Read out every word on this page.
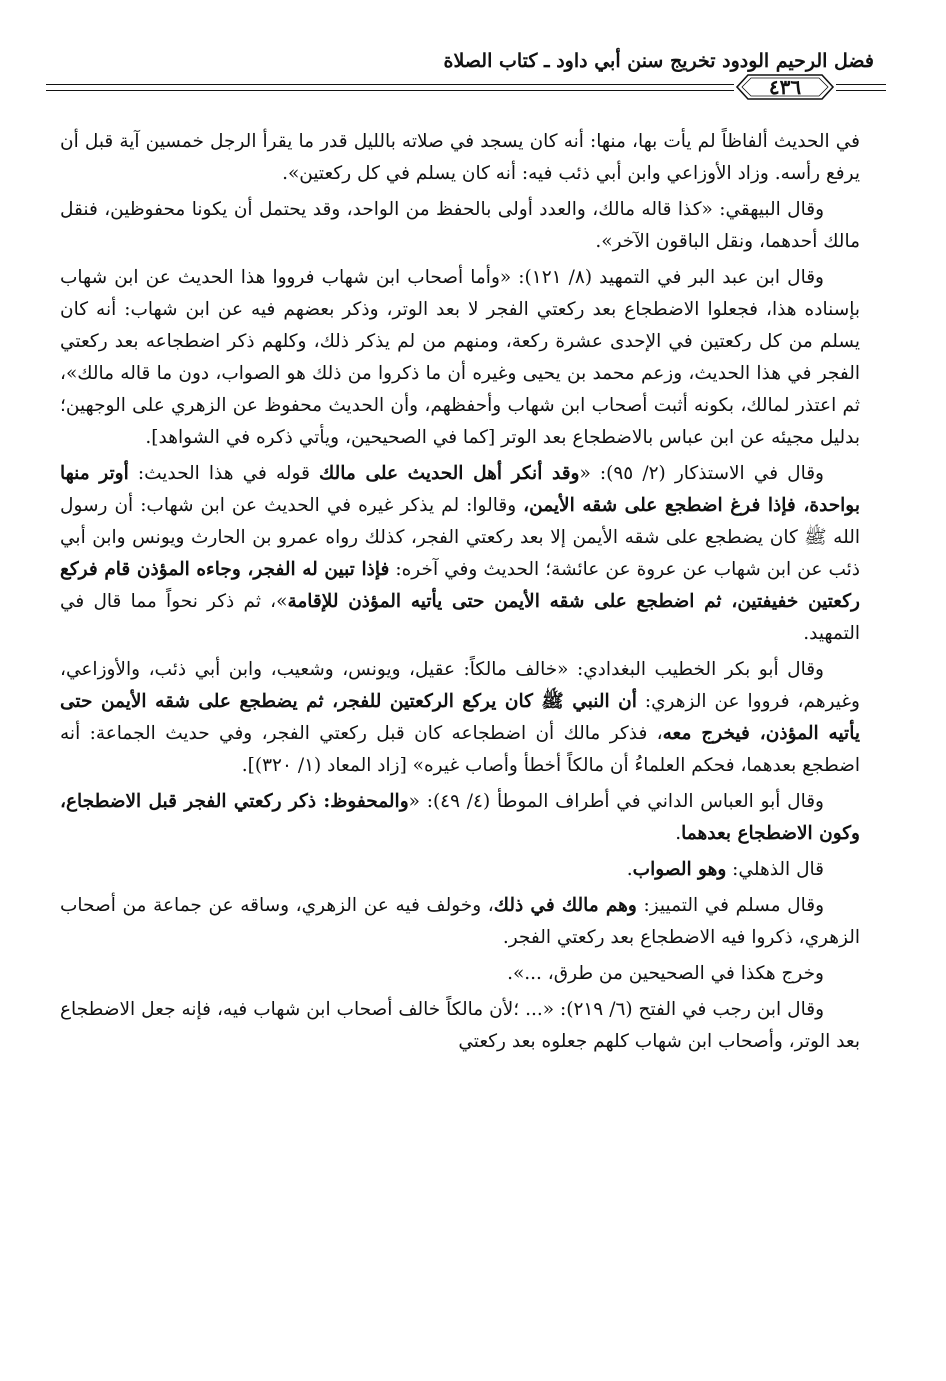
فضل الرحيم الودود تخريج سنن أبي داود ـ كتاب الصلاة
٤٣٦

في الحديث ألفاظاً لم يأت بها، منها: أنه كان يسجد في صلاته بالليل قدر ما يقرأ الرجل خمسين آية قبل أن يرفع رأسه. وزاد الأوزاعي وابن أبي ذئب فيه: أنه كان يسلم في كل ركعتين».

وقال البيهقي: «كذا قاله مالك، والعدد أولى بالحفظ من الواحد، وقد يحتمل أن يكونا محفوظين، فنقل مالك أحدهما، ونقل الباقون الآخر».

وقال ابن عبد البر في التمهيد (٨/ ١٢١): «وأما أصحاب ابن شهاب فرووا هذا الحديث عن ابن شهاب بإسناده هذا، فجعلوا الاضطجاع بعد ركعتي الفجر لا بعد الوتر، وذكر بعضهم فيه عن ابن شهاب: أنه كان يسلم من كل ركعتين في الإحدى عشرة ركعة، ومنهم من لم يذكر ذلك، وكلهم ذكر اضطجاعه بعد ركعتي الفجر في هذا الحديث، وزعم محمد بن يحيى وغيره أن ما ذكروا من ذلك هو الصواب، دون ما قاله مالك»، ثم اعتذر لمالك، بكونه أثبت أصحاب ابن شهاب وأحفظهم، وأن الحديث محفوظ عن الزهري على الوجهين؛ بدليل مجيئه عن ابن عباس بالاضطجاع بعد الوتر [كما في الصحيحين، ويأتي ذكره في الشواهد].

وقال في الاستذكار (٢/ ٩٥): «وقد أنكر أهل الحديث على مالك قوله في هذا الحديث: أوتر منها بواحدة، فإذا فرغ اضطجع على شقه الأيمن، وقالوا: لم يذكر غيره في الحديث عن ابن شهاب: أن رسول الله ﷺ كان يضطجع على شقه الأيمن إلا بعد ركعتي الفجر، كذلك رواه عمرو بن الحارث ويونس وابن أبي ذئب عن ابن شهاب عن عروة عن عائشة؛ الحديث وفي آخره: فإذا تبين له الفجر، وجاءه المؤذن قام فركع ركعتين خفيفتين، ثم اضطجع على شقه الأيمن حتى يأتيه المؤذن للإقامة»، ثم ذكر نحواً مما قال في التمهيد.

وقال أبو بكر الخطيب البغدادي: «خالف مالكاً: عقيل، ويونس، وشعيب، وابن أبي ذئب، والأوزاعي، وغيرهم، فرووا عن الزهري: أن النبي ﷺ كان يركع الركعتين للفجر، ثم يضطجع على شقه الأيمن حتى يأتيه المؤذن، فيخرج معه، فذكر مالك أن اضطجاعه كان قبل ركعتي الفجر، وفي حديث الجماعة: أنه اضطجع بعدهما، فحكم العلماءُ أن مالكاً أخطأ وأصاب غيره» [زاد المعاد (١/ ٣٢٠)].

وقال أبو العباس الداني في أطراف الموطأ (٤/ ٤٩): «والمحفوظ: ذكر ركعتي الفجر قبل الاضطجاع، وكون الاضطجاع بعدهما.

قال الذهلي: وهو الصواب.

وقال مسلم في التمييز: وهم مالك في ذلك، وخولف فيه عن الزهري، وساقه عن جماعة من أصحاب الزهري، ذكروا فيه الاضطجاع بعد ركعتي الفجر.

وخرج هكذا في الصحيحين من طرق، ...».

وقال ابن رجب في الفتح (٦/ ٢١٩): «... ؛لأن مالكاً خالف أصحاب ابن شهاب فيه، فإنه جعل الاضطجاع بعد الوتر، وأصحاب ابن شهاب كلهم جعلوه بعد ركعتي
